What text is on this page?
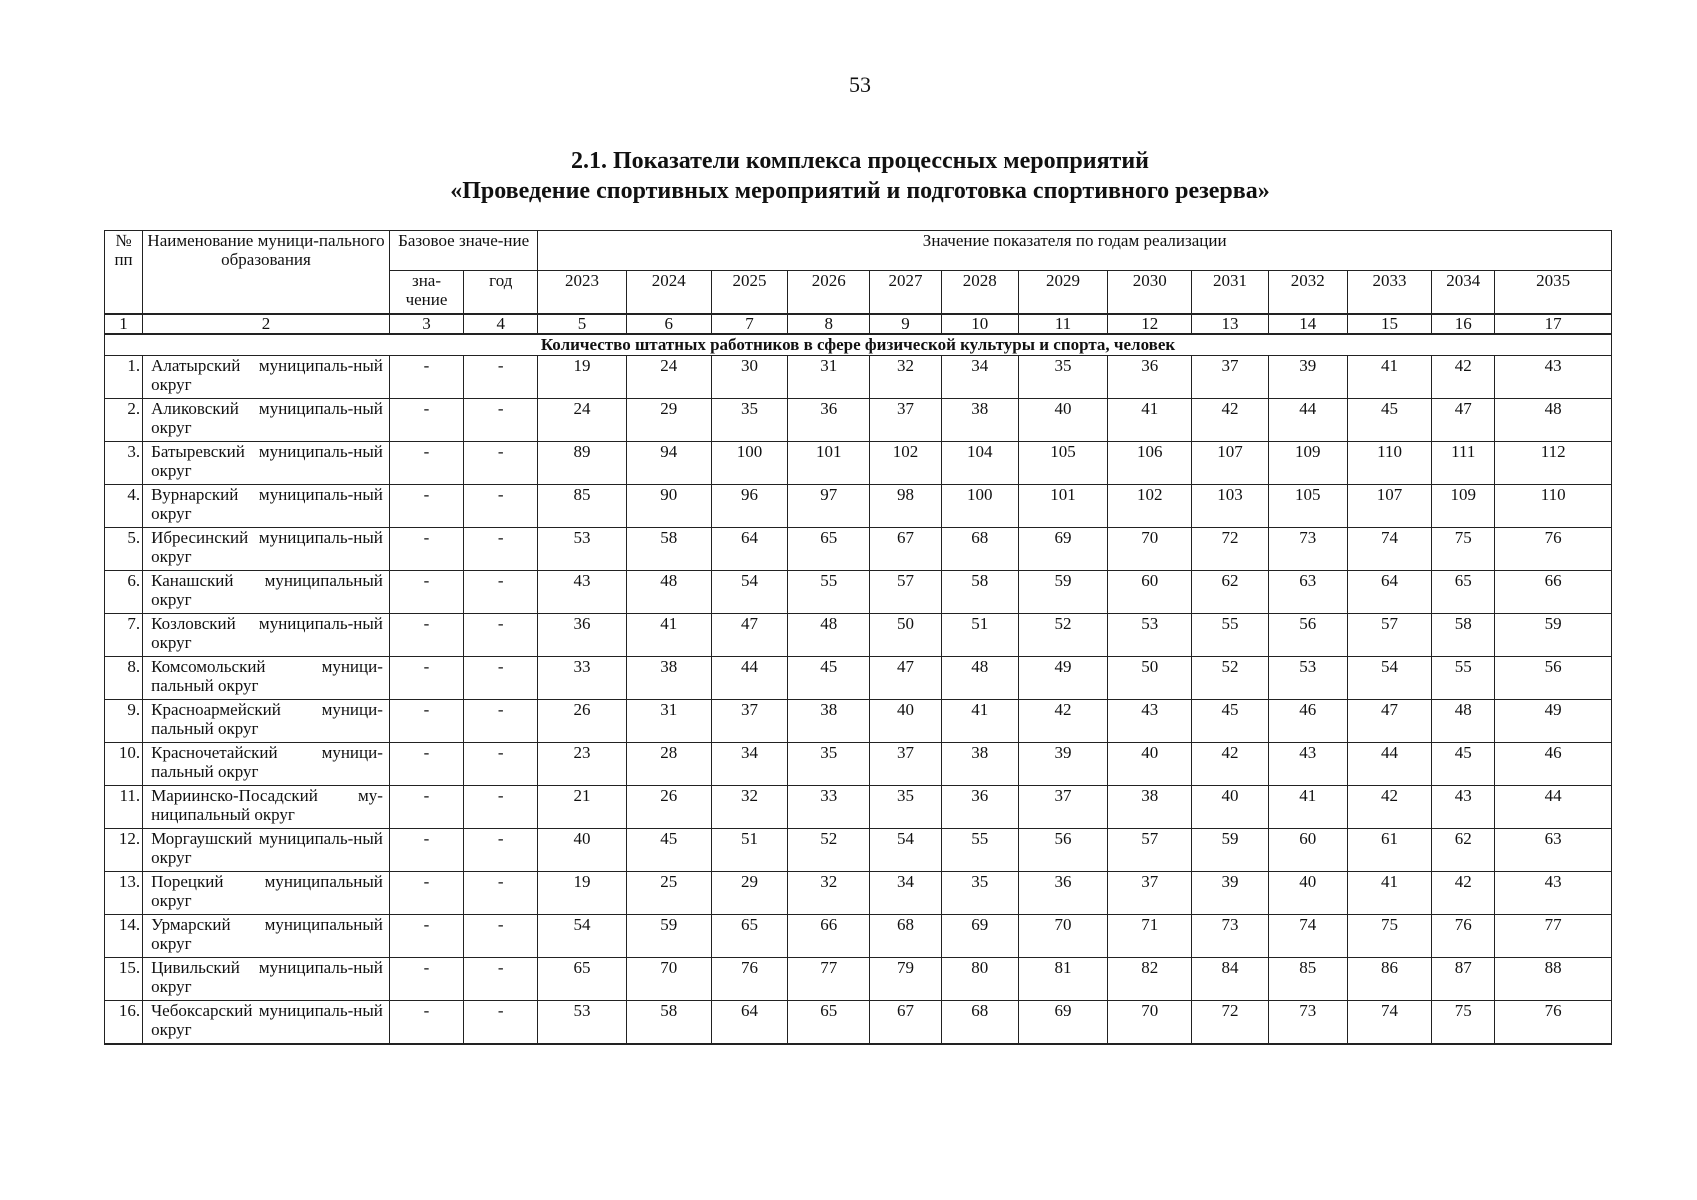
53
2.1. Показатели комплекса процессных мероприятий
«Проведение спортивных мероприятий и подготовка спортивного резерва»
№ пп	Наименование муници-пального образования	Базовое значе-ние		Значение показателя по годам реализации												
		зна-чение	год	2023	2024	2025	2026	2027	2028	2029	2030	2031	2032	2033	2034	2035
1	2	3	4	5	6	7	8	9	10	11	12	13	14	15	16	17
Количество штатных работников в сфере физической культуры и спорта, человек																
1.	Алатырский муниципаль-ный округ	-	-	19	24	30	31	32	34	35	36	37	39	41	42	43
2.	Аликовский муниципаль-ный округ	-	-	24	29	35	36	37	38	40	41	42	44	45	47	48
3.	Батыревский муниципаль-ный округ	-	-	89	94	100	101	102	104	105	106	107	109	110	111	112
4.	Вурнарский муниципаль-ный округ	-	-	85	90	96	97	98	100	101	102	103	105	107	109	110
5.	Ибресинский муниципаль-ный округ	-	-	53	58	64	65	67	68	69	70	72	73	74	75	76
6.	Канашский муниципальный округ	-	-	43	48	54	55	57	58	59	60	62	63	64	65	66
7.	Козловский муниципаль-ный округ	-	-	36	41	47	48	50	51	52	53	55	56	57	58	59
8.	Комсомольский муници-пальный округ	-	-	33	38	44	45	47	48	49	50	52	53	54	55	56
9.	Красноармейский муници-пальный округ	-	-	26	31	37	38	40	41	42	43	45	46	47	48	49
10.	Красночетайский муници-пальный округ	-	-	23	28	34	35	37	38	39	40	42	43	44	45	46
11.	Мариинско-Посадский му-ниципальный округ	-	-	21	26	32	33	35	36	37	38	40	41	42	43	44
12.	Моргаушский муниципаль-ный округ	-	-	40	45	51	52	54	55	56	57	59	60	61	62	63
13.	Порецкий муниципальный округ	-	-	19	25	29	32	34	35	36	37	39	40	41	42	43
14.	Урмарский муниципальный округ	-	-	54	59	65	66	68	69	70	71	73	74	75	76	77
15.	Цивильский муниципаль-ный округ	-	-	65	70	76	77	79	80	81	82	84	85	86	87	88
16.	Чебоксарский муниципаль-ный округ	-	-	53	58	64	65	67	68	69	70	72	73	74	75	76
